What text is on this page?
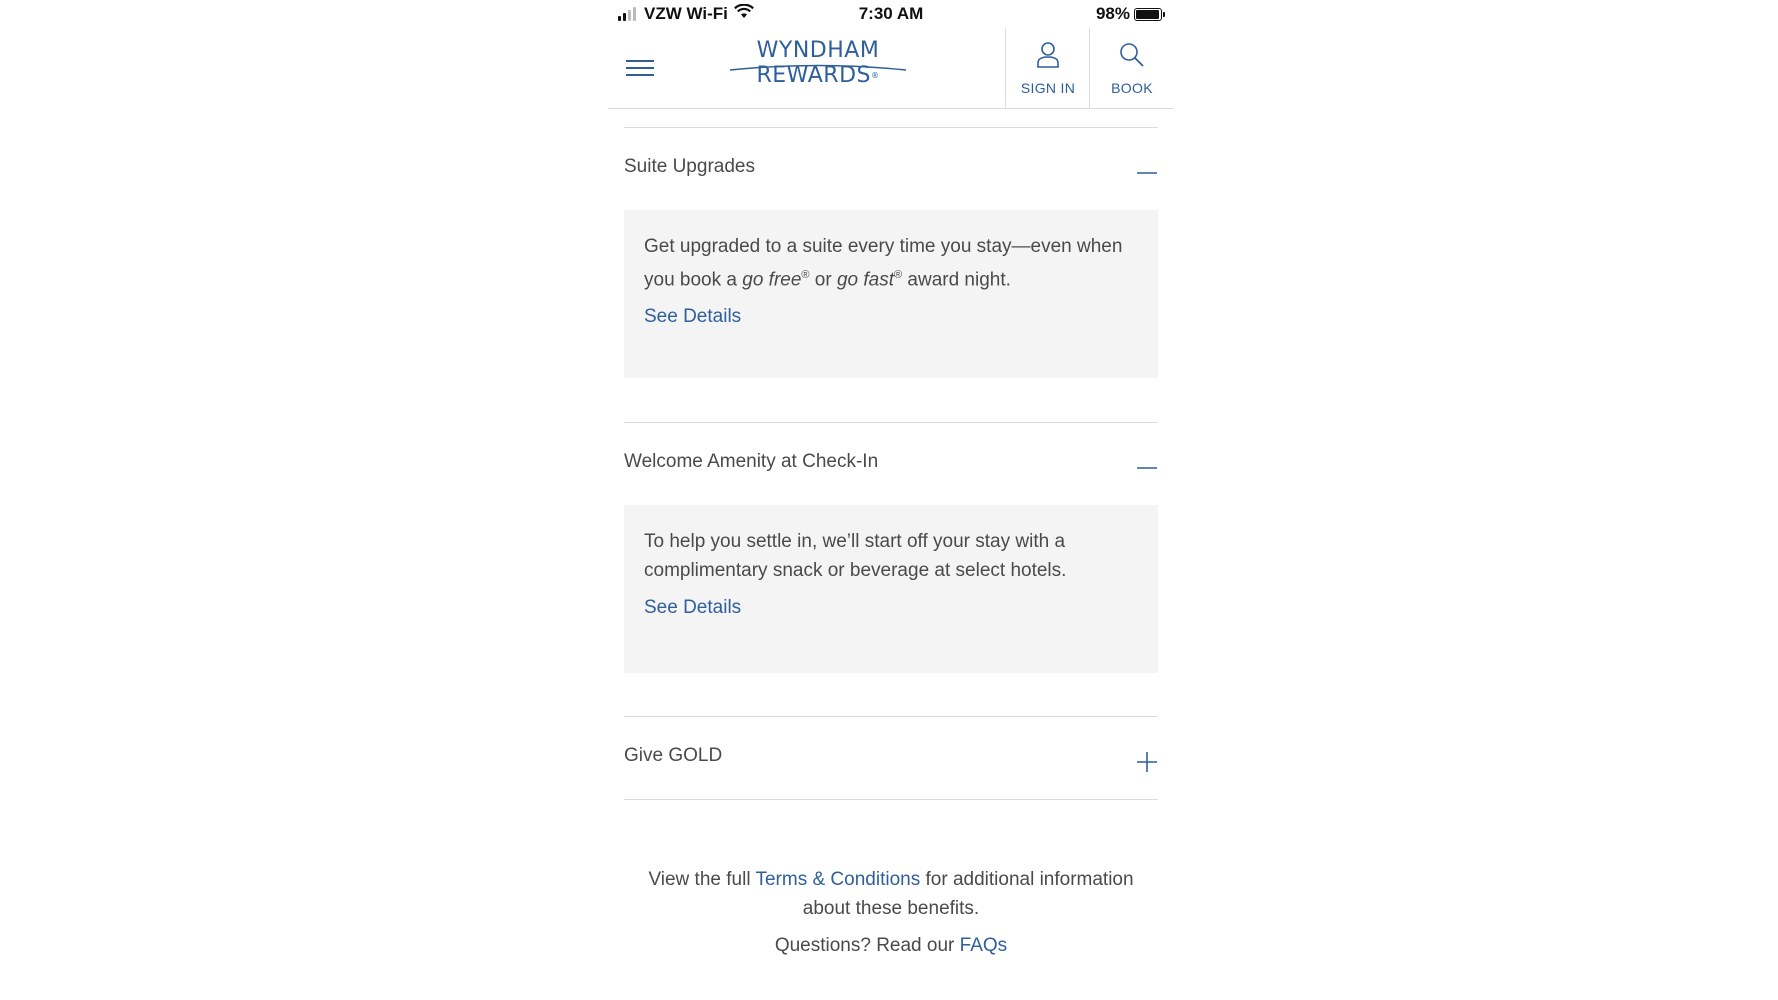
VZW Wi-Fi	7:30 AM	98%
WYNDHAM
REWARDS®
SIGN IN	BOOK
Suite Upgrades
Get upgraded to a suite every time you stay—even when you book a go free® or go fast® award night.
See Details
Welcome Amenity at Check-In
To help you settle in, we’ll start off your stay with a complimentary snack or beverage at select hotels.
See Details
Give GOLD
View the full Terms & Conditions for additional information about these benefits.
Questions? Read our FAQs
